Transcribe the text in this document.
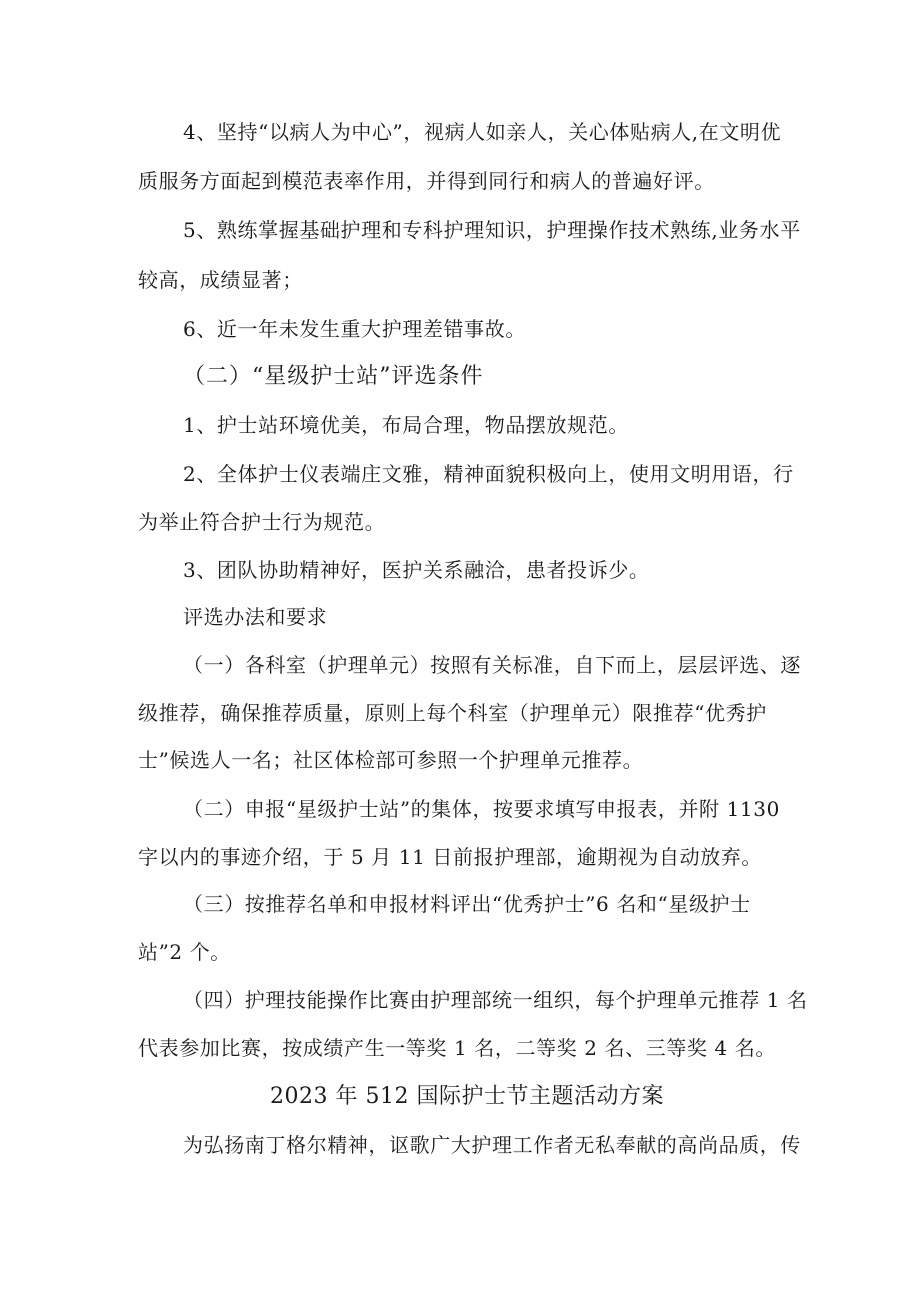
4、坚持“以病人为中心”，视病人如亲人，关心体贴病人,在文明优
质服务方面起到模范表率作用，并得到同行和病人的普遍好评。
5、熟练掌握基础护理和专科护理知识，护理操作技术熟练,业务水平
较高，成绩显著；
6、近一年未发生重大护理差错事故。
（二）“星级护士站”评选条件
1、护士站环境优美，布局合理，物品摆放规范。
2、全体护士仪表端庄文雅，精神面貌积极向上，使用文明用语，行
为举止符合护士行为规范。
3、团队协助精神好，医护关系融洽，患者投诉少。
评选办法和要求
（一）各科室（护理单元）按照有关标准，自下而上，层层评选、逐
级推荐，确保推荐质量，原则上每个科室（护理单元）限推荐“优秀护
士”候选人一名；社区体检部可参照一个护理单元推荐。
（二）申报“星级护士站”的集体，按要求填写申报表，并附 1130
字以内的事迹介绍，于 5 月 11 日前报护理部，逾期视为自动放弃。
（三）按推荐名单和申报材料评出“优秀护士”6 名和“星级护士
站”2 个。
（四）护理技能操作比赛由护理部统一组织，每个护理单元推荐 1 名
代表参加比赛，按成绩产生一等奖 1 名，二等奖 2 名、三等奖 4 名。
2023 年 512 国际护士节主题活动方案
为弘扬南丁格尔精神，讴歌广大护理工作者无私奉献的高尚品质，传
